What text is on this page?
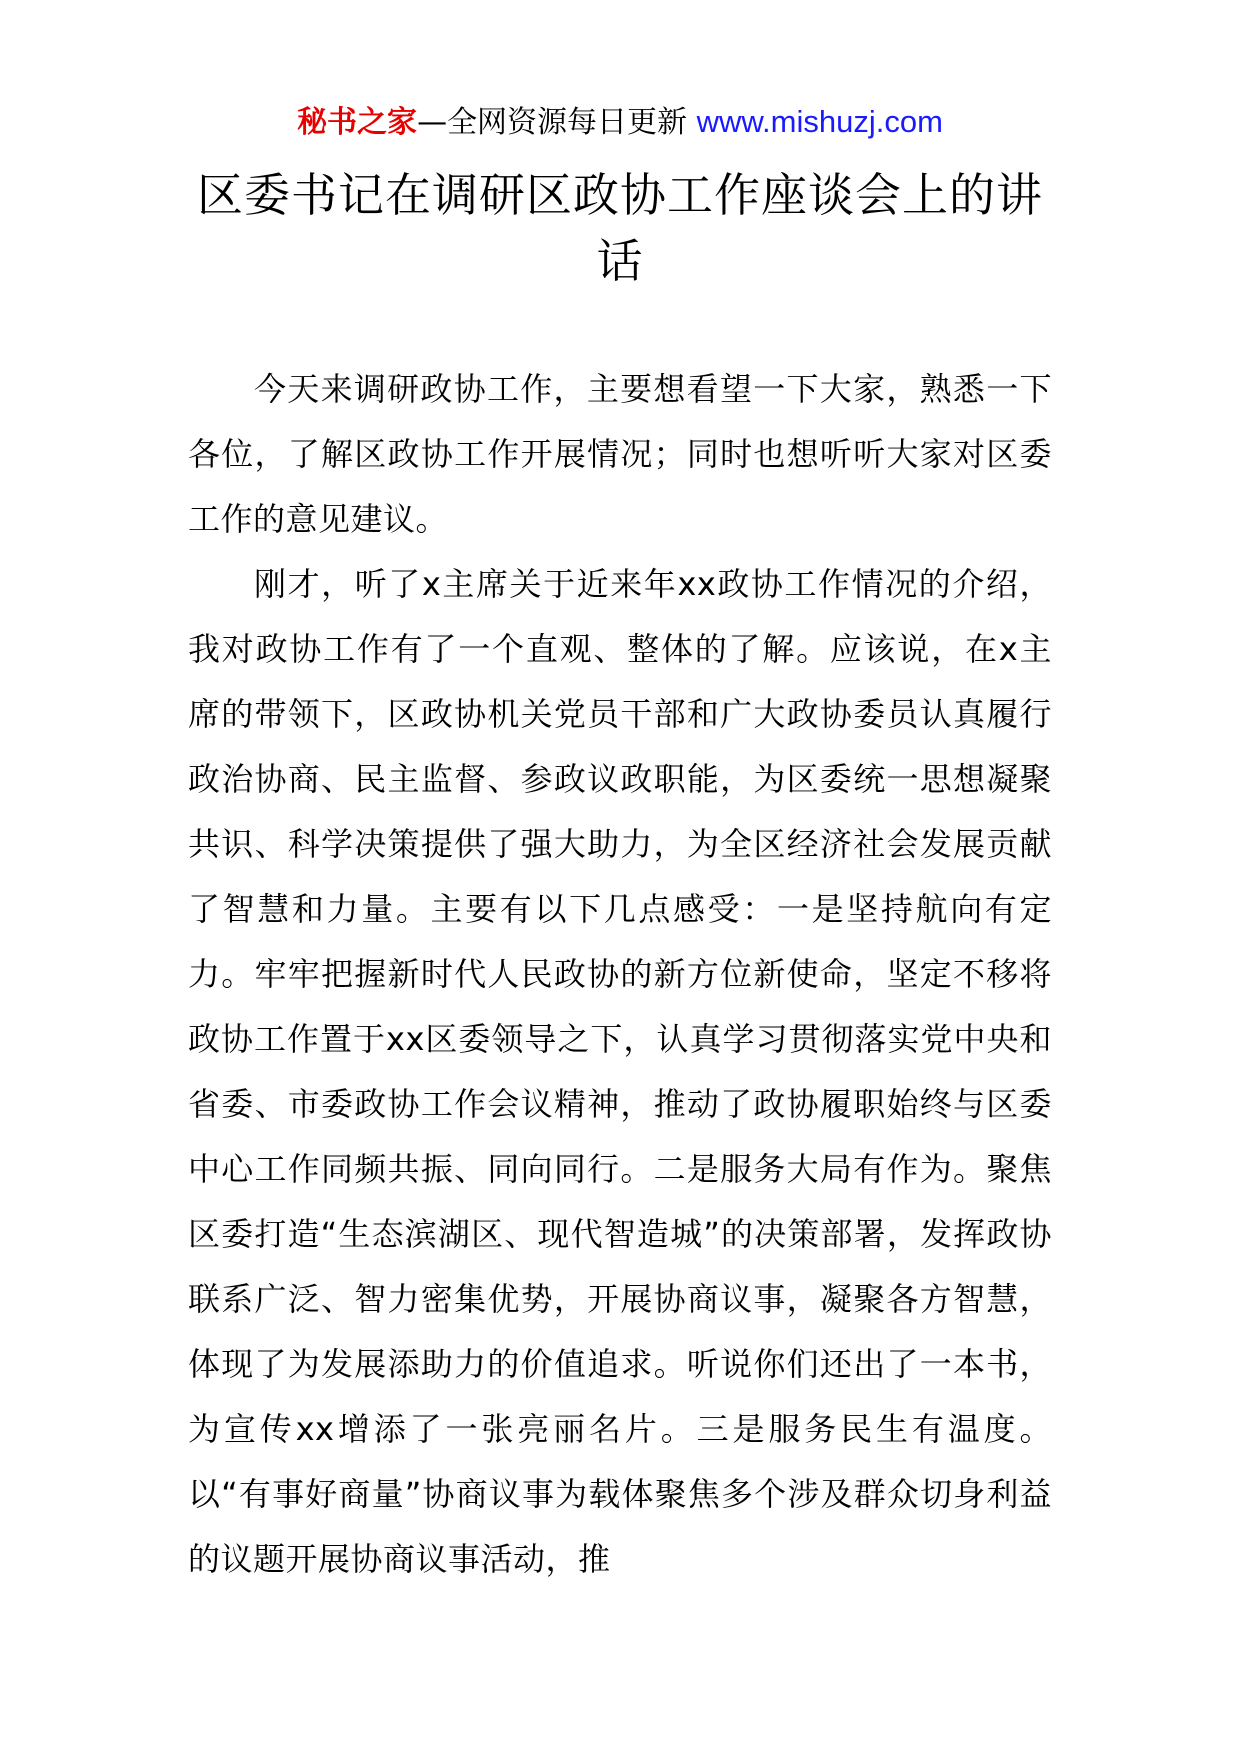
秘书之家—全网资源每日更新 www.mishuzj.com
区委书记在调研区政协工作座谈会上的讲话

今天来调研政协工作，主要想看望一下大家，熟悉一下各位，了解区政协工作开展情况；同时也想听听大家对区委工作的意见建议。

刚才，听了x主席关于近来年xx政协工作情况的介绍，我对政协工作有了一个直观、整体的了解。应该说，在x主席的带领下，区政协机关党员干部和广大政协委员认真履行政治协商、民主监督、参政议政职能，为区委统一思想凝聚共识、科学决策提供了强大助力，为全区经济社会发展贡献了智慧和力量。主要有以下几点感受：一是坚持航向有定力。牢牢把握新时代人民政协的新方位新使命，坚定不移将政协工作置于xx区委领导之下，认真学习贯彻落实党中央和省委、市委政协工作会议精神，推动了政协履职始终与区委中心工作同频共振、同向同行。二是服务大局有作为。聚焦区委打造“生态滨湖区、现代智造城”的决策部署，发挥政协联系广泛、智力密集优势，开展协商议事，凝聚各方智慧，体现了为发展添助力的价值追求。听说你们还出了一本书，为宣传xx增添了一张亮丽名片。三是服务民生有温度。以“有事好商量”协商议事为载体聚焦多个涉及群众切身利益的议题开展协商议事活动，推
